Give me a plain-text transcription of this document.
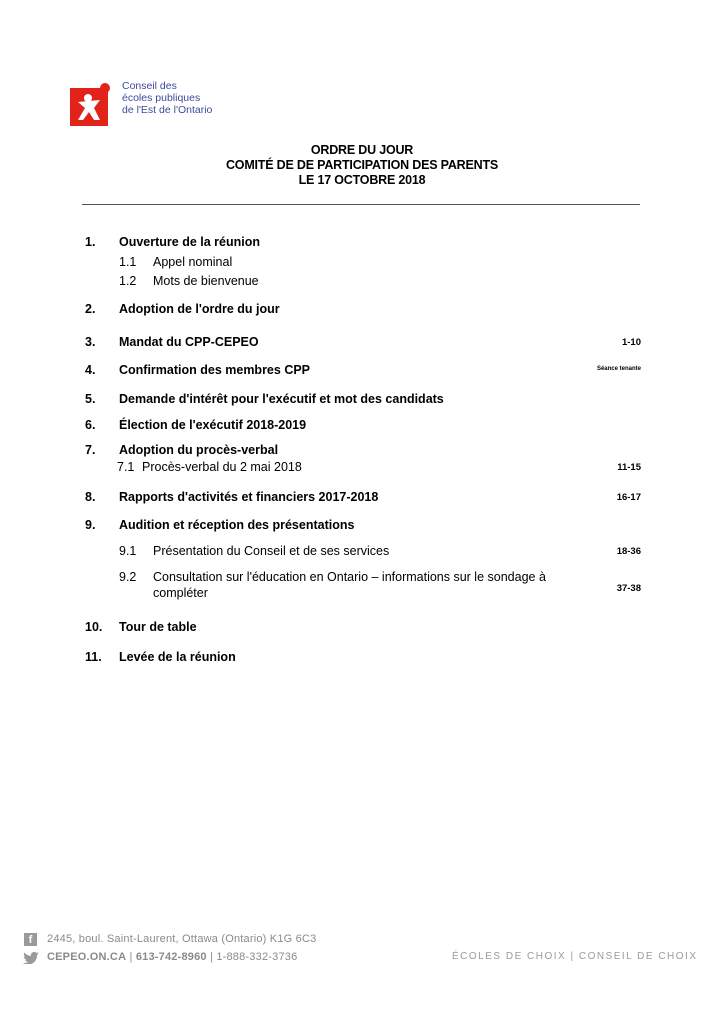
Conseil des
écoles publiques
de l'Est de l'Ontario
ORDRE DU JOUR
COMITÉ DE DE PARTICIPATION DES PARENTS
LE 17 OCTOBRE 2018
1. Ouverture de la réunion
1.1 Appel nominal
1.2 Mots de bienvenue
2. Adoption de l'ordre du jour
3. Mandat du CPP-CEPEO	1-10
4. Confirmation des membres CPP	Séance tenante
5. Demande d'intérêt pour l'exécutif et mot des candidats
6. Élection de l'exécutif 2018-2019
7. Adoption du procès-verbal
7.1 Procès-verbal du 2 mai 2018	11-15
8. Rapports d'activités et financiers 2017-2018	16-17
9. Audition et réception des présentations
9.1 Présentation du Conseil et de ses services	18-36
9.2 Consultation sur l'éducation en Ontario – informations sur le sondage à
compléter	37-38
10. Tour de table
11. Levée de la réunion
f	2445, boul. Saint-Laurent, Ottawa (Ontario) K1G 6C3
CEPEO.ON.CA | 613-742-8960 | 1-888-332-3736	ÉCOLES DE CHOIX | CONSEIL DE CHOIX
